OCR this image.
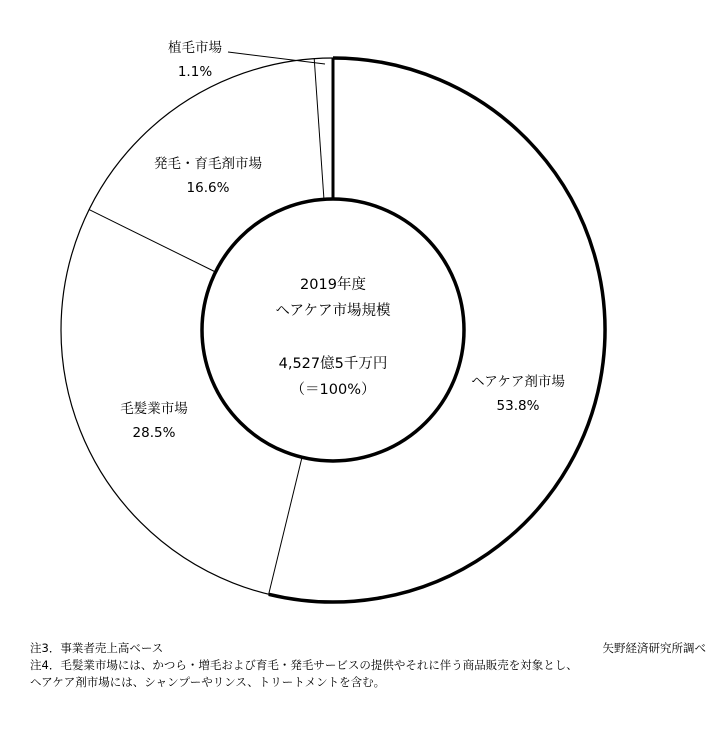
2019年度
ヘアケア市場規模
4,527億5千万円
（＝100%）	ヘアケア剤市場
53.8%
毛髪業市場
28.5%
発毛・育毛剤市場
16.6%
植毛市場
1.1%
注3．事業者売上高ベース
注4．毛髪業市場には、かつら・増毛および育毛・発毛サービスの提供やそれに伴う商品販売を対象とし、
ヘアケア剤市場には、シャンプーやリンス、トリートメントを含む。
矢野経済研究所調べ
